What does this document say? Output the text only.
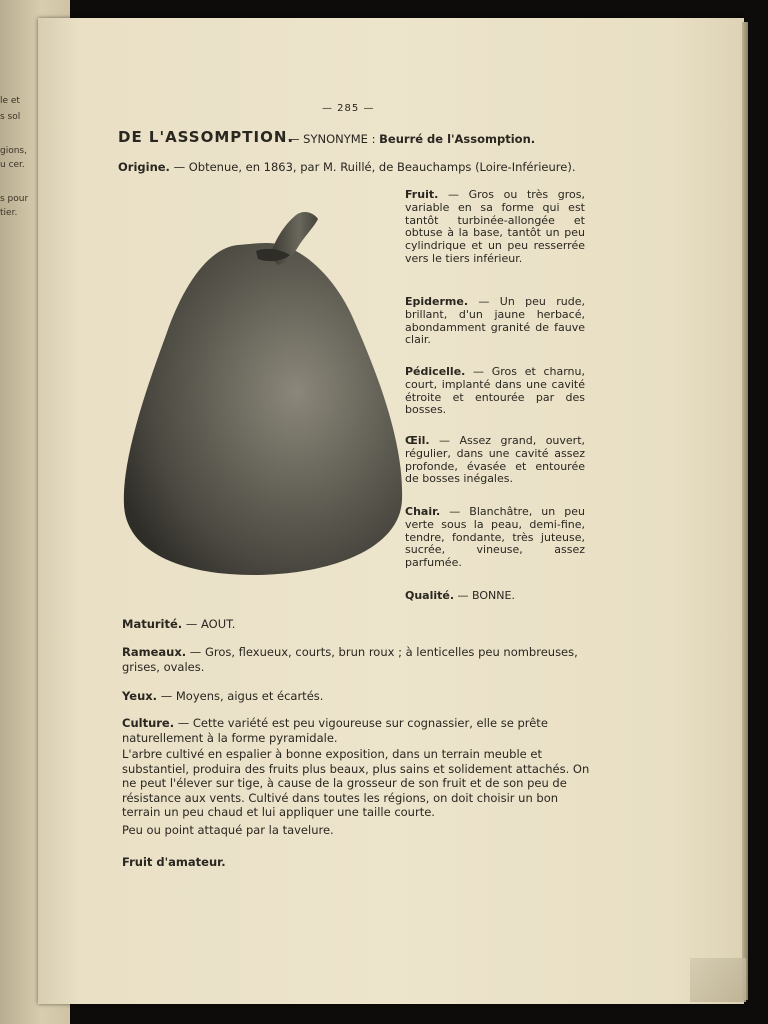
le et
s sol
gions,
u cer.
s pour
tier.
— 285 —
DE L'ASSOMPTION.
— SYNONYME : Beurré de l'Assomption.
Origine. — Obtenue, en 1863, par M. Ruillé, de Beauchamps (Loire-Inférieure).
Fruit. — Gros ou très gros, variable en sa forme qui est tantôt turbinée-allongée et obtuse à la base, tantôt un peu cylindrique et un peu resserrée vers le tiers inférieur.
Epiderme. — Un peu rude, brillant, d'un jaune herbacé, abondamment granité de fauve clair.
Pédicelle. — Gros et charnu, court, implanté dans une cavité étroite et entourée par des bosses.
Œil. — Assez grand, ouvert, régulier, dans une cavité assez profonde, évasée et entourée de bosses inégales.
Chair. — Blanchâtre, un peu verte sous la peau, demi-fine, tendre, fondante, très juteuse, sucrée, vineuse, assez parfumée.
Qualité. — BONNE.
Maturité. — AOUT.
Rameaux. — Gros, flexueux, courts, brun roux ; à lenticelles peu nombreuses, grises, ovales.
Yeux. — Moyens, aigus et écartés.
Culture. — Cette variété est peu vigoureuse sur cognassier, elle se prête naturellement à la forme pyramidale.
L'arbre cultivé en espalier à bonne exposition, dans un terrain meuble et substantiel, produira des fruits plus beaux, plus sains et solidement attachés. On ne peut l'élever sur tige, à cause de la grosseur de son fruit et de son peu de résistance aux vents. Cultivé dans toutes les régions, on doit choisir un bon terrain un peu chaud et lui appliquer une taille courte.
Peu ou point attaqué par la tavelure.
Fruit d'amateur.
